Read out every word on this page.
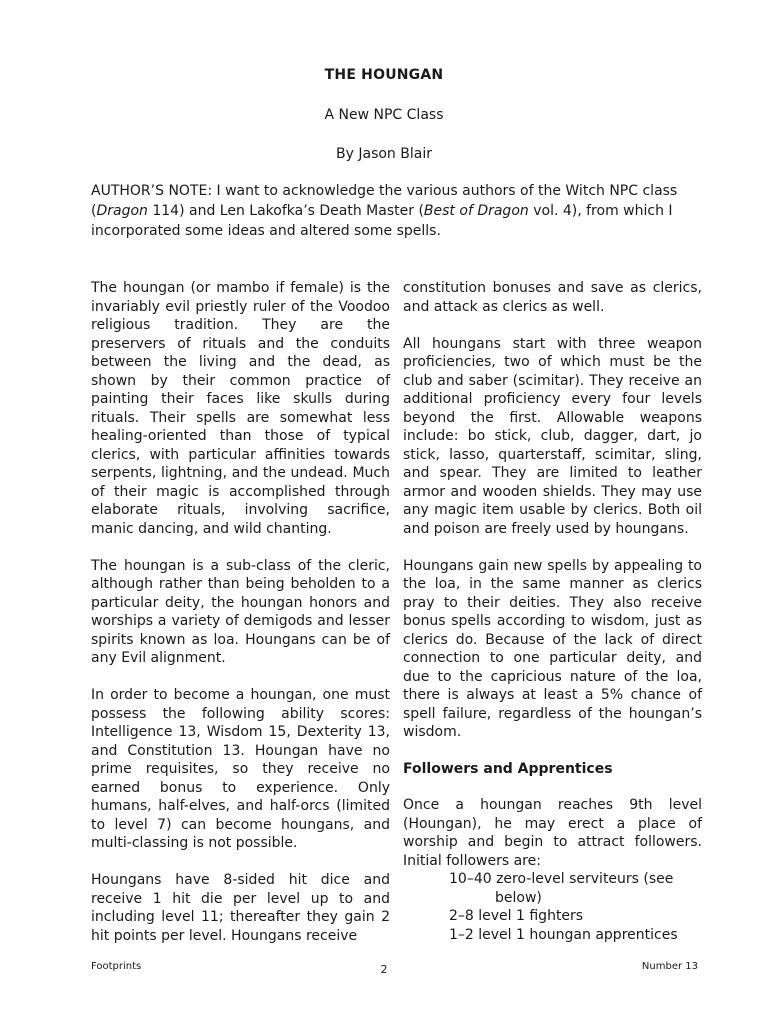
THE HOUNGAN
A New NPC Class
By Jason Blair

AUTHOR’S NOTE: I want to acknowledge the various authors of the Witch NPC class (Dragon 114) and Len Lakofka’s Death Master (Best of Dragon vol. 4), from which I incorporated some ideas and altered some spells.

The houngan (or mambo if female) is the invariably evil priestly ruler of the Voodoo religious tradition. They are the preservers of rituals and the conduits between the living and the dead, as shown by their common practice of painting their faces like skulls during rituals. Their spells are somewhat less healing-oriented than those of typical clerics, with particular affinities towards serpents, lightning, and the undead. Much of their magic is accomplished through elaborate rituals, involving sacrifice, manic dancing, and wild chanting.

The houngan is a sub-class of the cleric, although rather than being beholden to a particular deity, the houngan honors and worships a variety of demigods and lesser spirits known as loa. Houngans can be of any Evil alignment.

In order to become a houngan, one must possess the following ability scores: Intelligence 13, Wisdom 15, Dexterity 13, and Constitution 13. Houngan have no prime requisites, so they receive no earned bonus to experience. Only humans, half-elves, and half-orcs (limited to level 7) can become houngans, and multi-classing is not possible.

Houngans have 8-sided hit dice and receive 1 hit die per level up to and including level 11; thereafter they gain 2 hit points per level. Houngans receive

constitution bonuses and save as clerics, and attack as clerics as well.

All houngans start with three weapon proficiencies, two of which must be the club and saber (scimitar). They receive an additional proficiency every four levels beyond the first. Allowable weapons include: bo stick, club, dagger, dart, jo stick, lasso, quarterstaff, scimitar, sling, and spear. They are limited to leather armor and wooden shields. They may use any magic item usable by clerics. Both oil and poison are freely used by houngans.

Houngans gain new spells by appealing to the loa, in the same manner as clerics pray to their deities. They also receive bonus spells according to wisdom, just as clerics do. Because of the lack of direct connection to one particular deity, and due to the capricious nature of the loa, there is always at least a 5% chance of spell failure, regardless of the houngan’s wisdom.

Followers and Apprentices

Once a houngan reaches 9th level (Houngan), he may erect a place of worship and begin to attract followers. Initial followers are:

10–40 zero-level serviteurs (see
below)
2–8 level 1 fighters
1–2 level 1 houngan apprentices
Footprints	2	Number 13
